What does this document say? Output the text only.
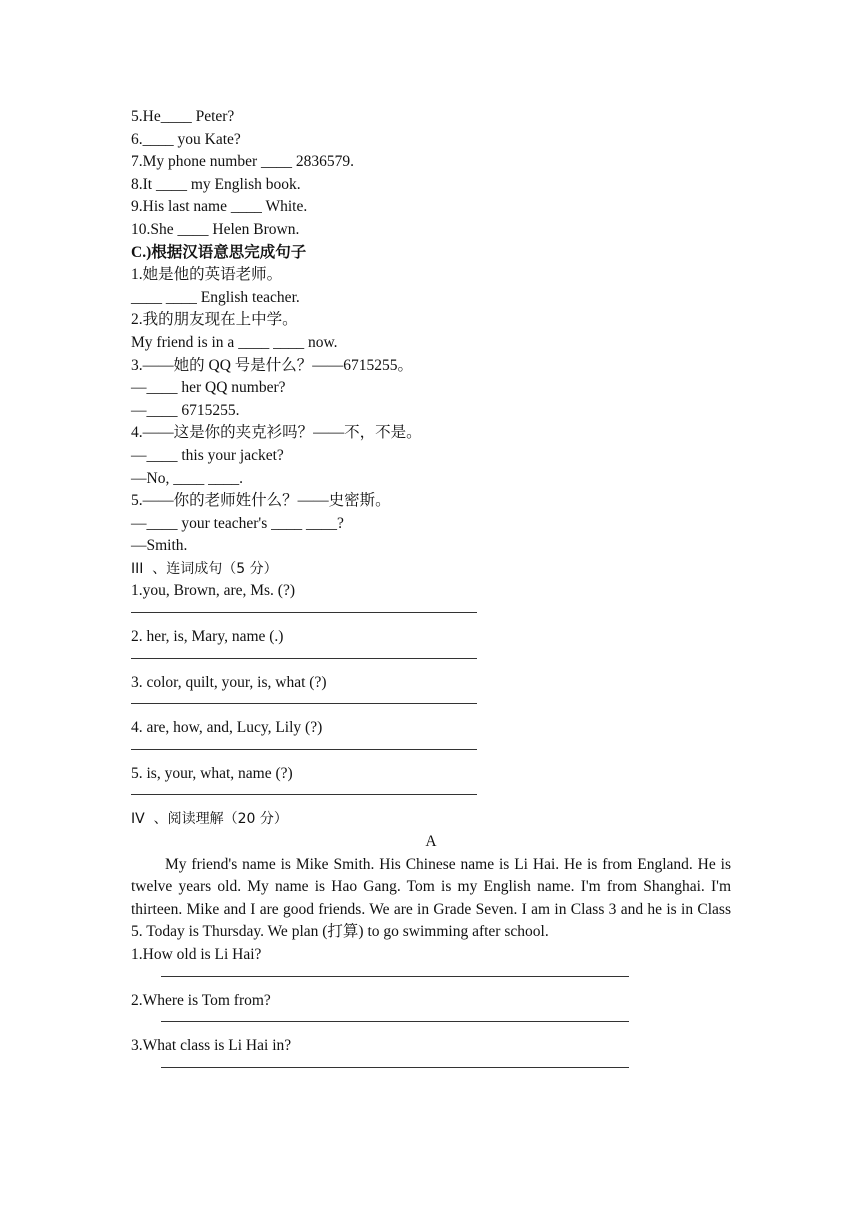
5.He____ Peter?
6.____ you Kate?
7.My phone number ____ 2836579.
8.It ____ my English book.
9.His last name ____ White.
10.She ____ Helen Brown.
C.)根据汉语意思完成句子
1.她是他的英语老师。
____ ____ English teacher.
2.我的朋友现在上中学。
My friend is in a ____ ____ now.
3.——她的 QQ 号是什么？——6715255。
—____ her QQ number?
—____ 6715255.
4.——这是你的夹克衫吗？——不，不是。
—____ this your jacket?
—No, ____ ____.
5.——你的老师姓什么？——史密斯。
—____ your teacher's ____ ____?
—Smith.
III  、连词成句（5 分）
1.you, Brown, are, Ms. (?)
2. her, is, Mary, name (.)
3. color, quilt, your, is, what (?)
4. are, how, and, Lucy, Lily (?)
5. is, your, what, name (?)
IV  、阅读理解（20 分）
A
My friend's name is Mike Smith. His Chinese name is Li Hai. He is from England. He is twelve years old. My name is Hao Gang. Tom is my English name. I'm from Shanghai. I'm thirteen. Mike and I are good friends. We are in Grade Seven. I am in Class 3 and he is in Class 5. Today is Thursday. We plan (打算) to go swimming after school.
1.How old is Li Hai?
2.Where is Tom from?
3.What class is Li Hai in?
